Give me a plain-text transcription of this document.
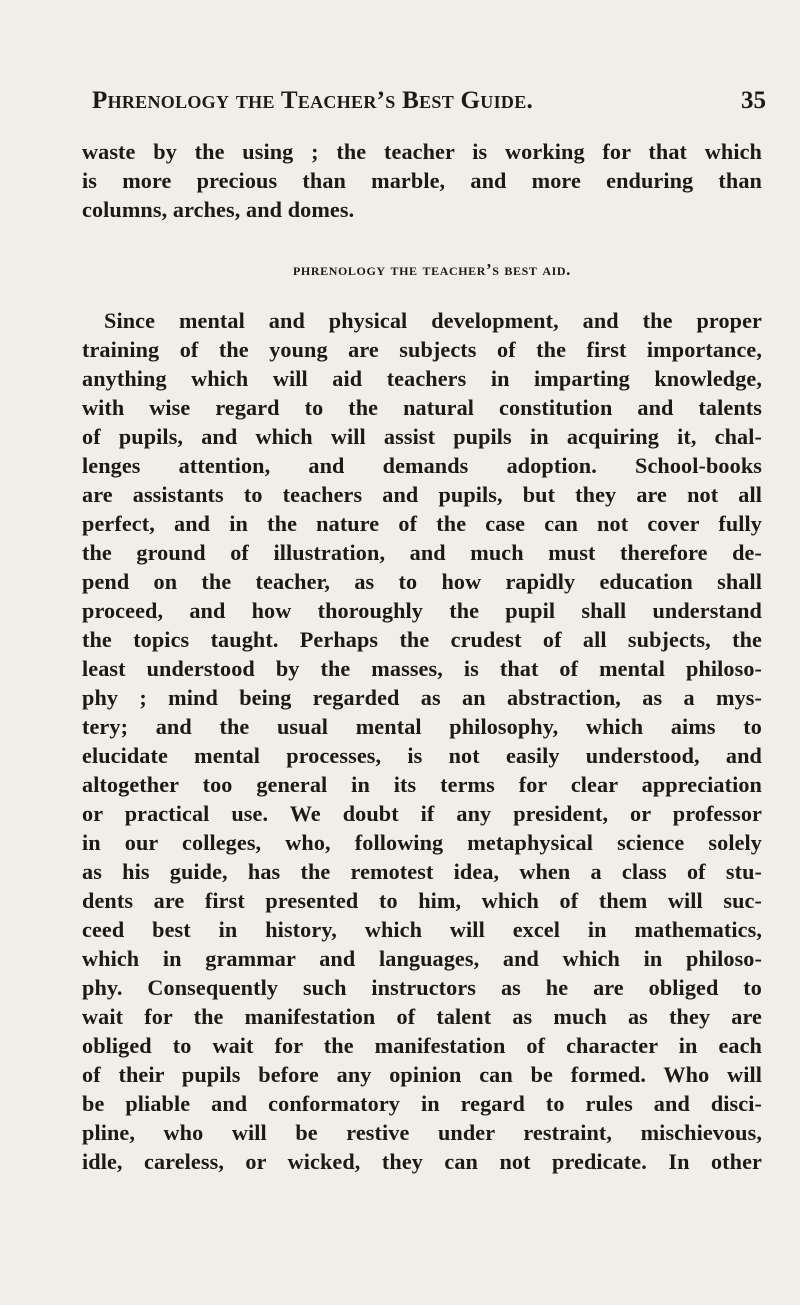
Phrenology the Teacher’s Best Guide.	35
waste by the using ; the teacher is working for that which
is more precious than marble, and more enduring than
columns, arches, and domes.
phrenology the teacher’s best aid.
Since mental and physical development, and the proper
training of the young are subjects of the first importance,
anything which will aid teachers in imparting knowledge,
with wise regard to the natural constitution and talents
of pupils, and which will assist pupils in acquiring it, chal-
lenges attention, and demands adoption. School-books
are assistants to teachers and pupils, but they are not all
perfect, and in the nature of the case can not cover fully
the ground of illustration, and much must therefore de-
pend on the teacher, as to how rapidly education shall
proceed, and how thoroughly the pupil shall understand
the topics taught. Perhaps the crudest of all subjects, the
least understood by the masses, is that of mental philoso-
phy ; mind being regarded as an abstraction, as a mys-
tery; and the usual mental philosophy, which aims to
elucidate mental processes, is not easily understood, and
altogether too general in its terms for clear appreciation
or practical use. We doubt if any president, or professor
in our colleges, who, following metaphysical science solely
as his guide, has the remotest idea, when a class of stu-
dents are first presented to him, which of them will suc-
ceed best in history, which will excel in mathematics,
which in grammar and languages, and which in philoso-
phy. Consequently such instructors as he are obliged to
wait for the manifestation of talent as much as they are
obliged to wait for the manifestation of character in each
of their pupils before any opinion can be formed. Who will
be pliable and conformatory in regard to rules and disci-
pline, who will be restive under restraint, mischievous,
idle, careless, or wicked, they can not predicate. In other
